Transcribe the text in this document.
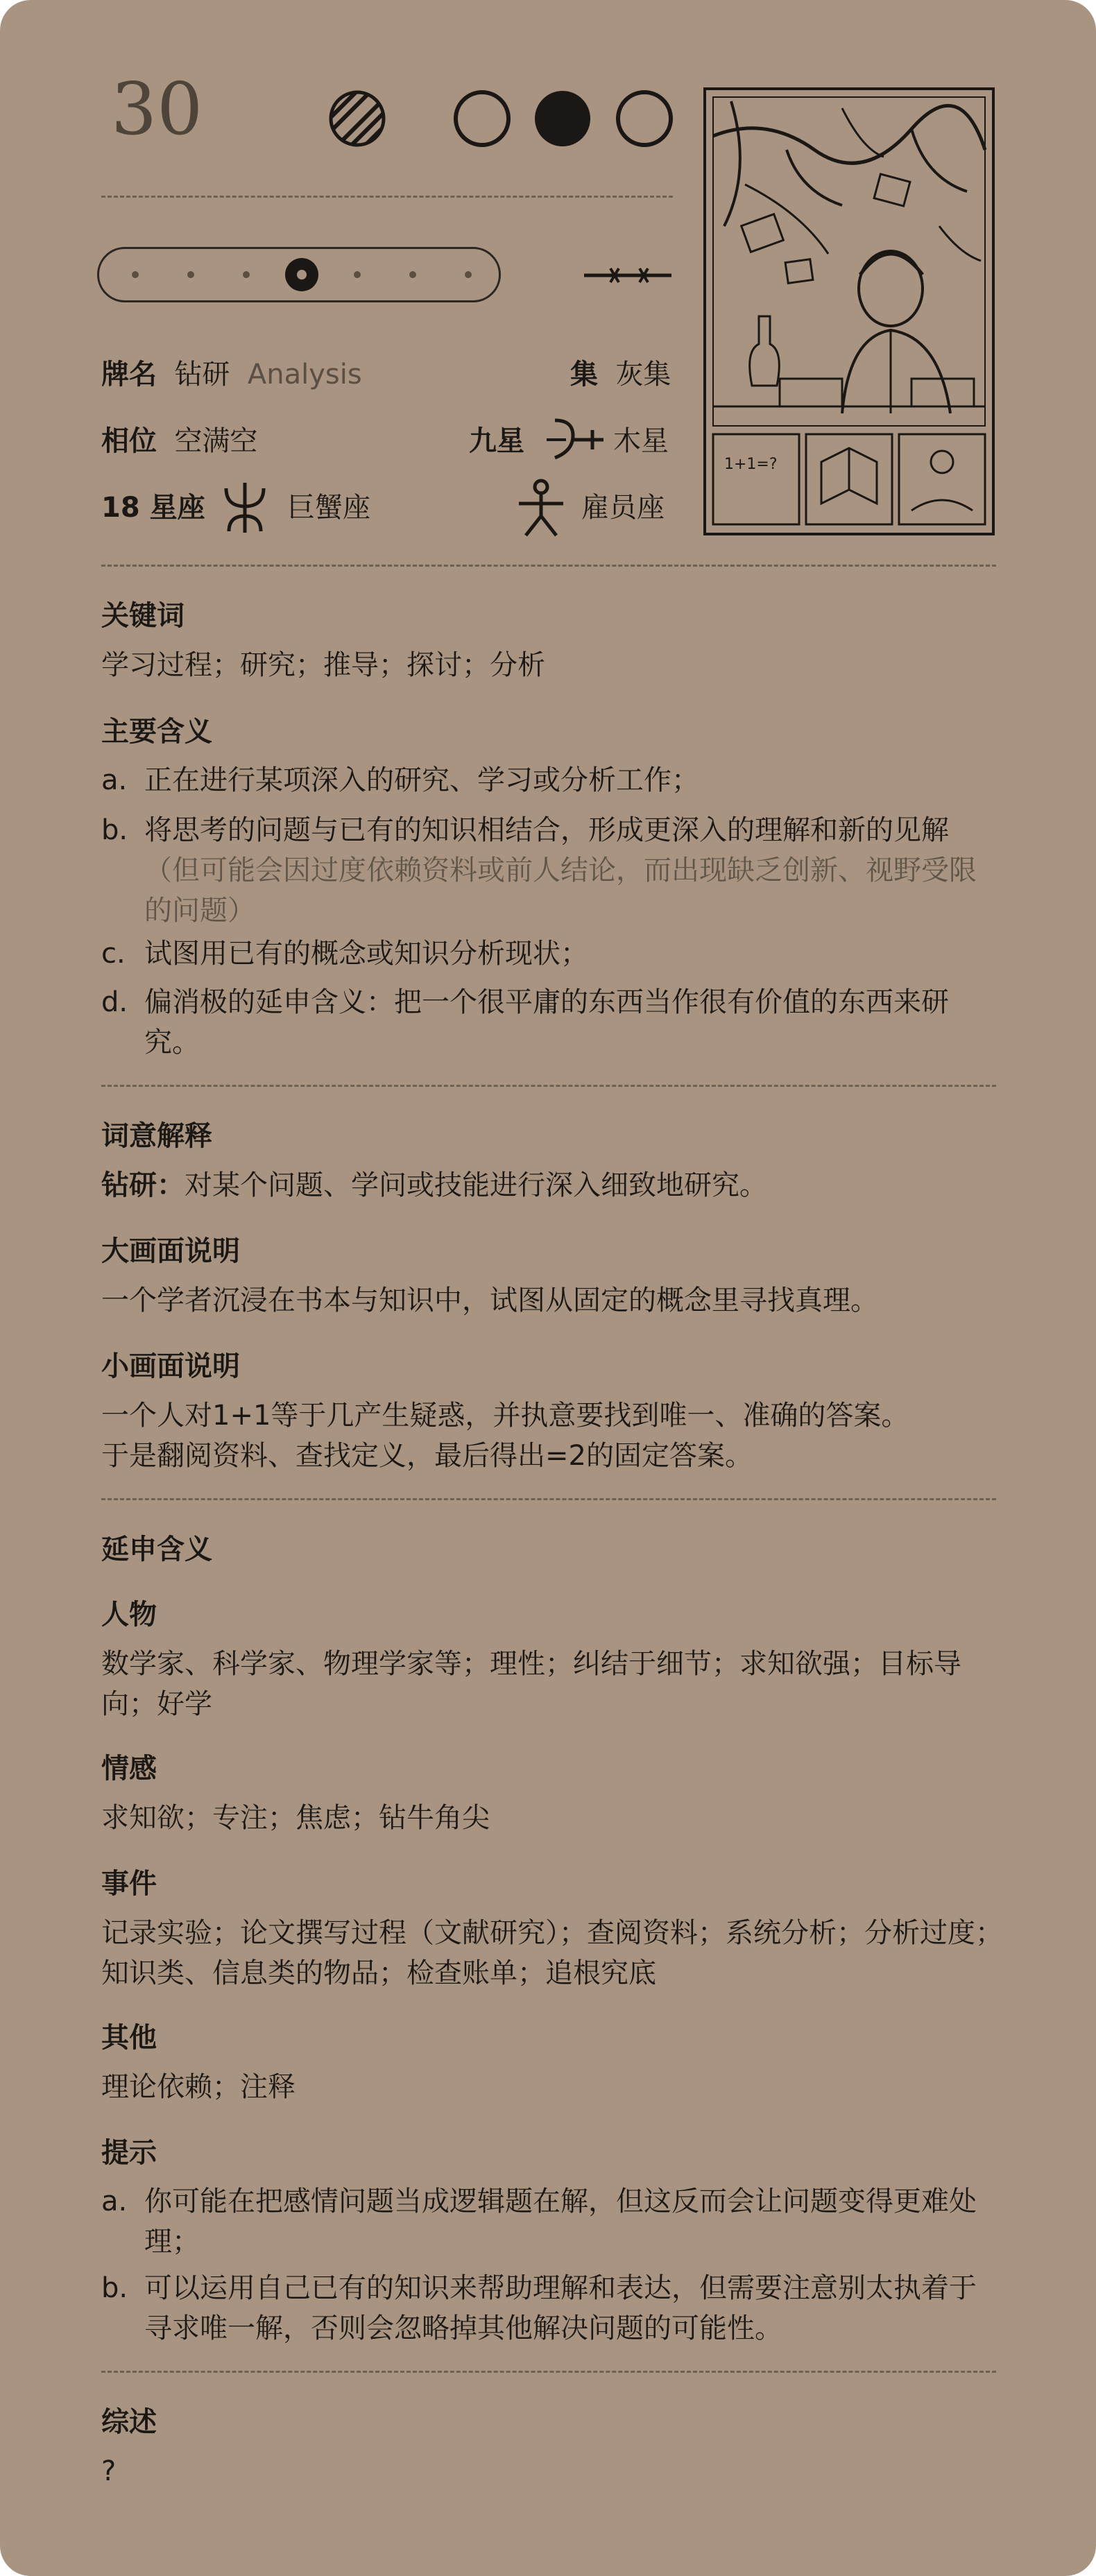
30
牌名 钻研 Analysis	集 灰集
相位 空满空	九星	木星
18 星座	巨蟹座	雇员座
1+1=?
关键词
学习过程；研究；推导；探讨；分析
主要含义
a. 正在进行某项深入的研究、学习或分析工作；
b. 将思考的问题与已有的知识相结合，形成更深入的理解和新的见解（但可能会因过度依赖资料或前人结论，而出现缺乏创新、视野受限的问题）
c. 试图用已有的概念或知识分析现状；
d. 偏消极的延申含义：把一个很平庸的东西当作很有价值的东西来研究。
词意解释
钻研：对某个问题、学问或技能进行深入细致地研究。
大画面说明
一个学者沉浸在书本与知识中，试图从固定的概念里寻找真理。
小画面说明
一个人对1+1等于几产生疑惑，并执意要找到唯一、准确的答案。
于是翻阅资料、查找定义，最后得出=2的固定答案。
延申含义
人物
数学家、科学家、物理学家等；理性；纠结于细节；求知欲强；目标导向；好学
情感
求知欲；专注；焦虑；钻牛角尖
事件
记录实验；论文撰写过程（文献研究）；查阅资料；系统分析；分析过度；知识类、信息类的物品；检查账单；追根究底
其他
理论依赖；注释
提示
a. 你可能在把感情问题当成逻辑题在解，但这反而会让问题变得更难处理；
b. 可以运用自己已有的知识来帮助理解和表达，但需要注意别太执着于寻求唯一解，否则会忽略掉其他解决问题的可能性。
综述
?
